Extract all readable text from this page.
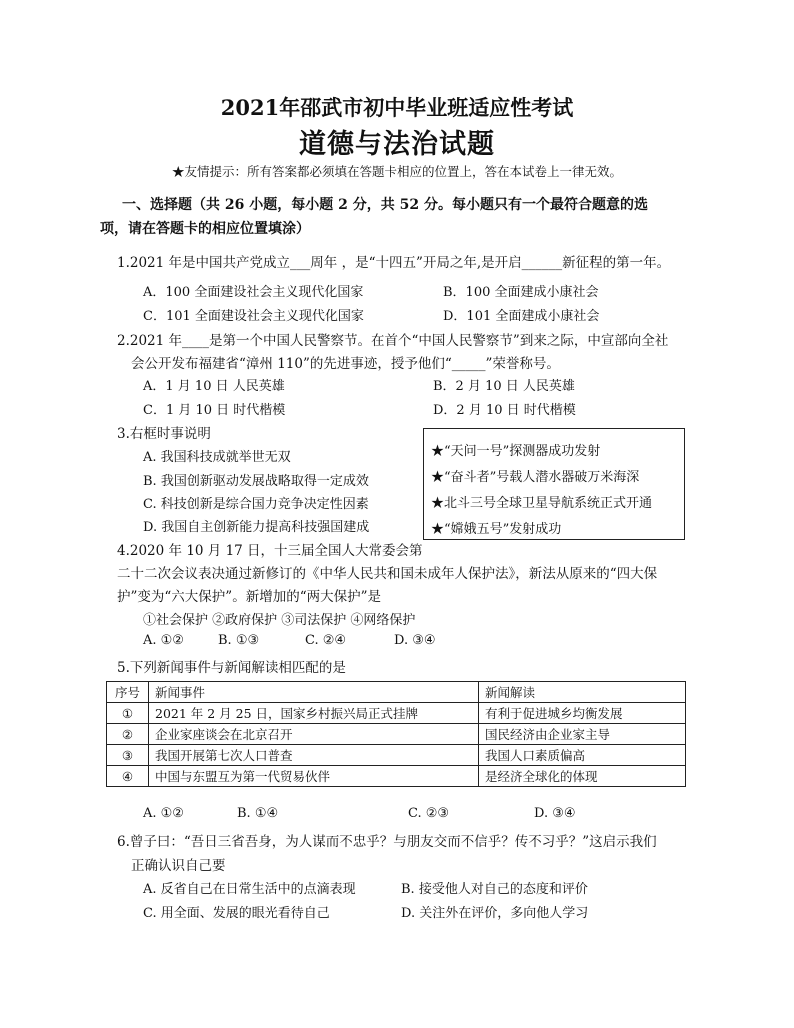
2021年邵武市初中毕业班适应性考试
道德与法治试题
★友情提示：所有答案都必须填在答题卡相应的位置上，答在本试卷上一律无效。
一、选择题（共 26 小题，每小题 2 分，共 52 分。每小题只有一个最符合题意的选
项，请在答题卡的相应位置填涂）
1.2021 年是中国共产党成立___周年 ，是“十四五”开局之年,是开启______新征程的第一年。
A．100 全面建设社会主义现代化国家	B．100 全面建成小康社会
C．101 全面建设社会主义现代化国家	D．101 全面建成小康社会
2.2021 年____是第一个中国人民警察节。在首个“中国人民警察节”到来之际，中宣部向全社
会公开发布福建省“漳州 110”的先进事迹，授予他们“_____”荣誉称号。
A．1 月 10 日 人民英雄	B．2 月 10 日 人民英雄
C．1 月 10 日 时代楷模	D．2 月 10 日 时代楷模
3.右框时事说明
A. 我国科技成就举世无双
B. 我国创新驱动发展战略取得一定成效
C. 科技创新是综合国力竞争决定性因素
D. 我国自主创新能力提高科技强国建成
★“天问一号”探测器成功发射
★“奋斗者”号载人潜水器破万米海深
★北斗三号全球卫星导航系统正式开通
★“嫦娥五号”发射成功
4.2020 年 10 月 17 日，十三届全国人大常委会第
二十二次会议表决通过新修订的《中华人民共和国未成年人保护法》，新法从原来的“四大保
护”变为“六大保护”。新增加的“两大保护”是
①社会保护 ②政府保护 ③司法保护 ④网络保护
A. ①②	B. ①③	C. ②④	D. ③④
5.下列新闻事件与新闻解读相匹配的是
序号	新闻事件	新闻解读
①	2021 年 2 月 25 日，国家乡村振兴局正式挂牌	有利于促进城乡均衡发展
②	企业家座谈会在北京召开	国民经济由企业家主导
③	我国开展第七次人口普查	我国人口素质偏高
④	中国与东盟互为第一代贸易伙伴	是经济全球化的体现
A. ①②	B. ①④	C. ②③	D. ③④
6.曾子曰：“吾日三省吾身，为人谋而不忠乎？与朋友交而不信乎？传不习乎？”这启示我们
正确认识自己要
A. 反省自己在日常生活中的点滴表现	B. 接受他人对自己的态度和评价
C. 用全面、发展的眼光看待自己	D. 关注外在评价，多向他人学习
